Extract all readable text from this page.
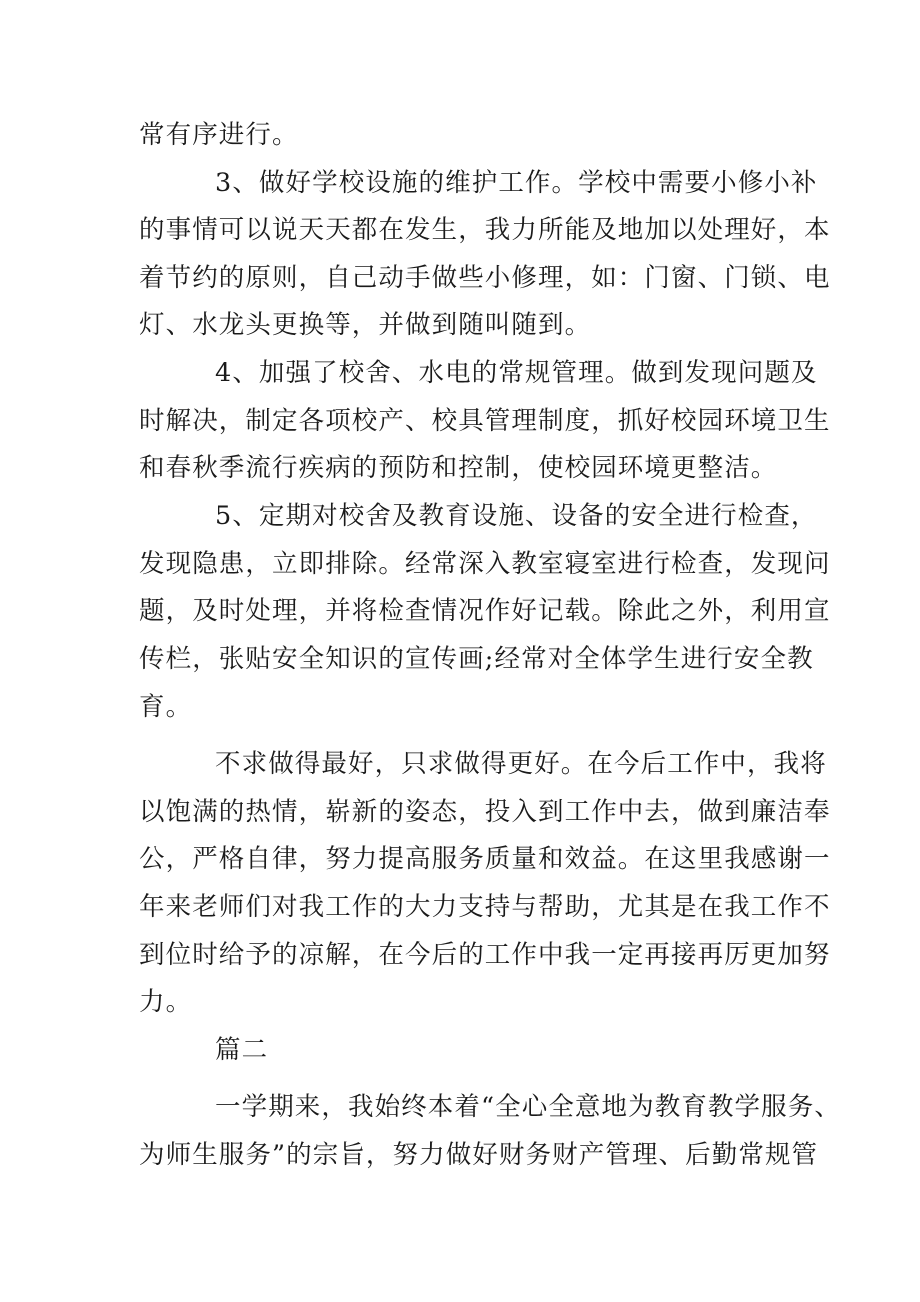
常有序进行。
3、做好学校设施的维护工作。学校中需要小修小补
的事情可以说天天都在发生，我力所能及地加以处理好，本
着节约的原则，自己动手做些小修理，如：门窗、门锁、电
灯、水龙头更换等，并做到随叫随到。
4、加强了校舍、水电的常规管理。做到发现问题及
时解决，制定各项校产、校具管理制度，抓好校园环境卫生
和春秋季流行疾病的预防和控制，使校园环境更整洁。
5、定期对校舍及教育设施、设备的安全进行检查，
发现隐患，立即排除。经常深入教室寝室进行检查，发现问
题，及时处理，并将检查情况作好记载。除此之外，利用宣
传栏，张贴安全知识的宣传画;经常对全体学生进行安全教
育。
不求做得最好，只求做得更好。在今后工作中，我将
以饱满的热情，崭新的姿态，投入到工作中去，做到廉洁奉
公，严格自律，努力提高服务质量和效益。在这里我感谢一
年来老师们对我工作的大力支持与帮助，尤其是在我工作不
到位时给予的凉解，在今后的工作中我一定再接再厉更加努
力。
篇二
一学期来，我始终本着“全心全意地为教育教学服务、
为师生服务”的宗旨，努力做好财务财产管理、后勤常规管
